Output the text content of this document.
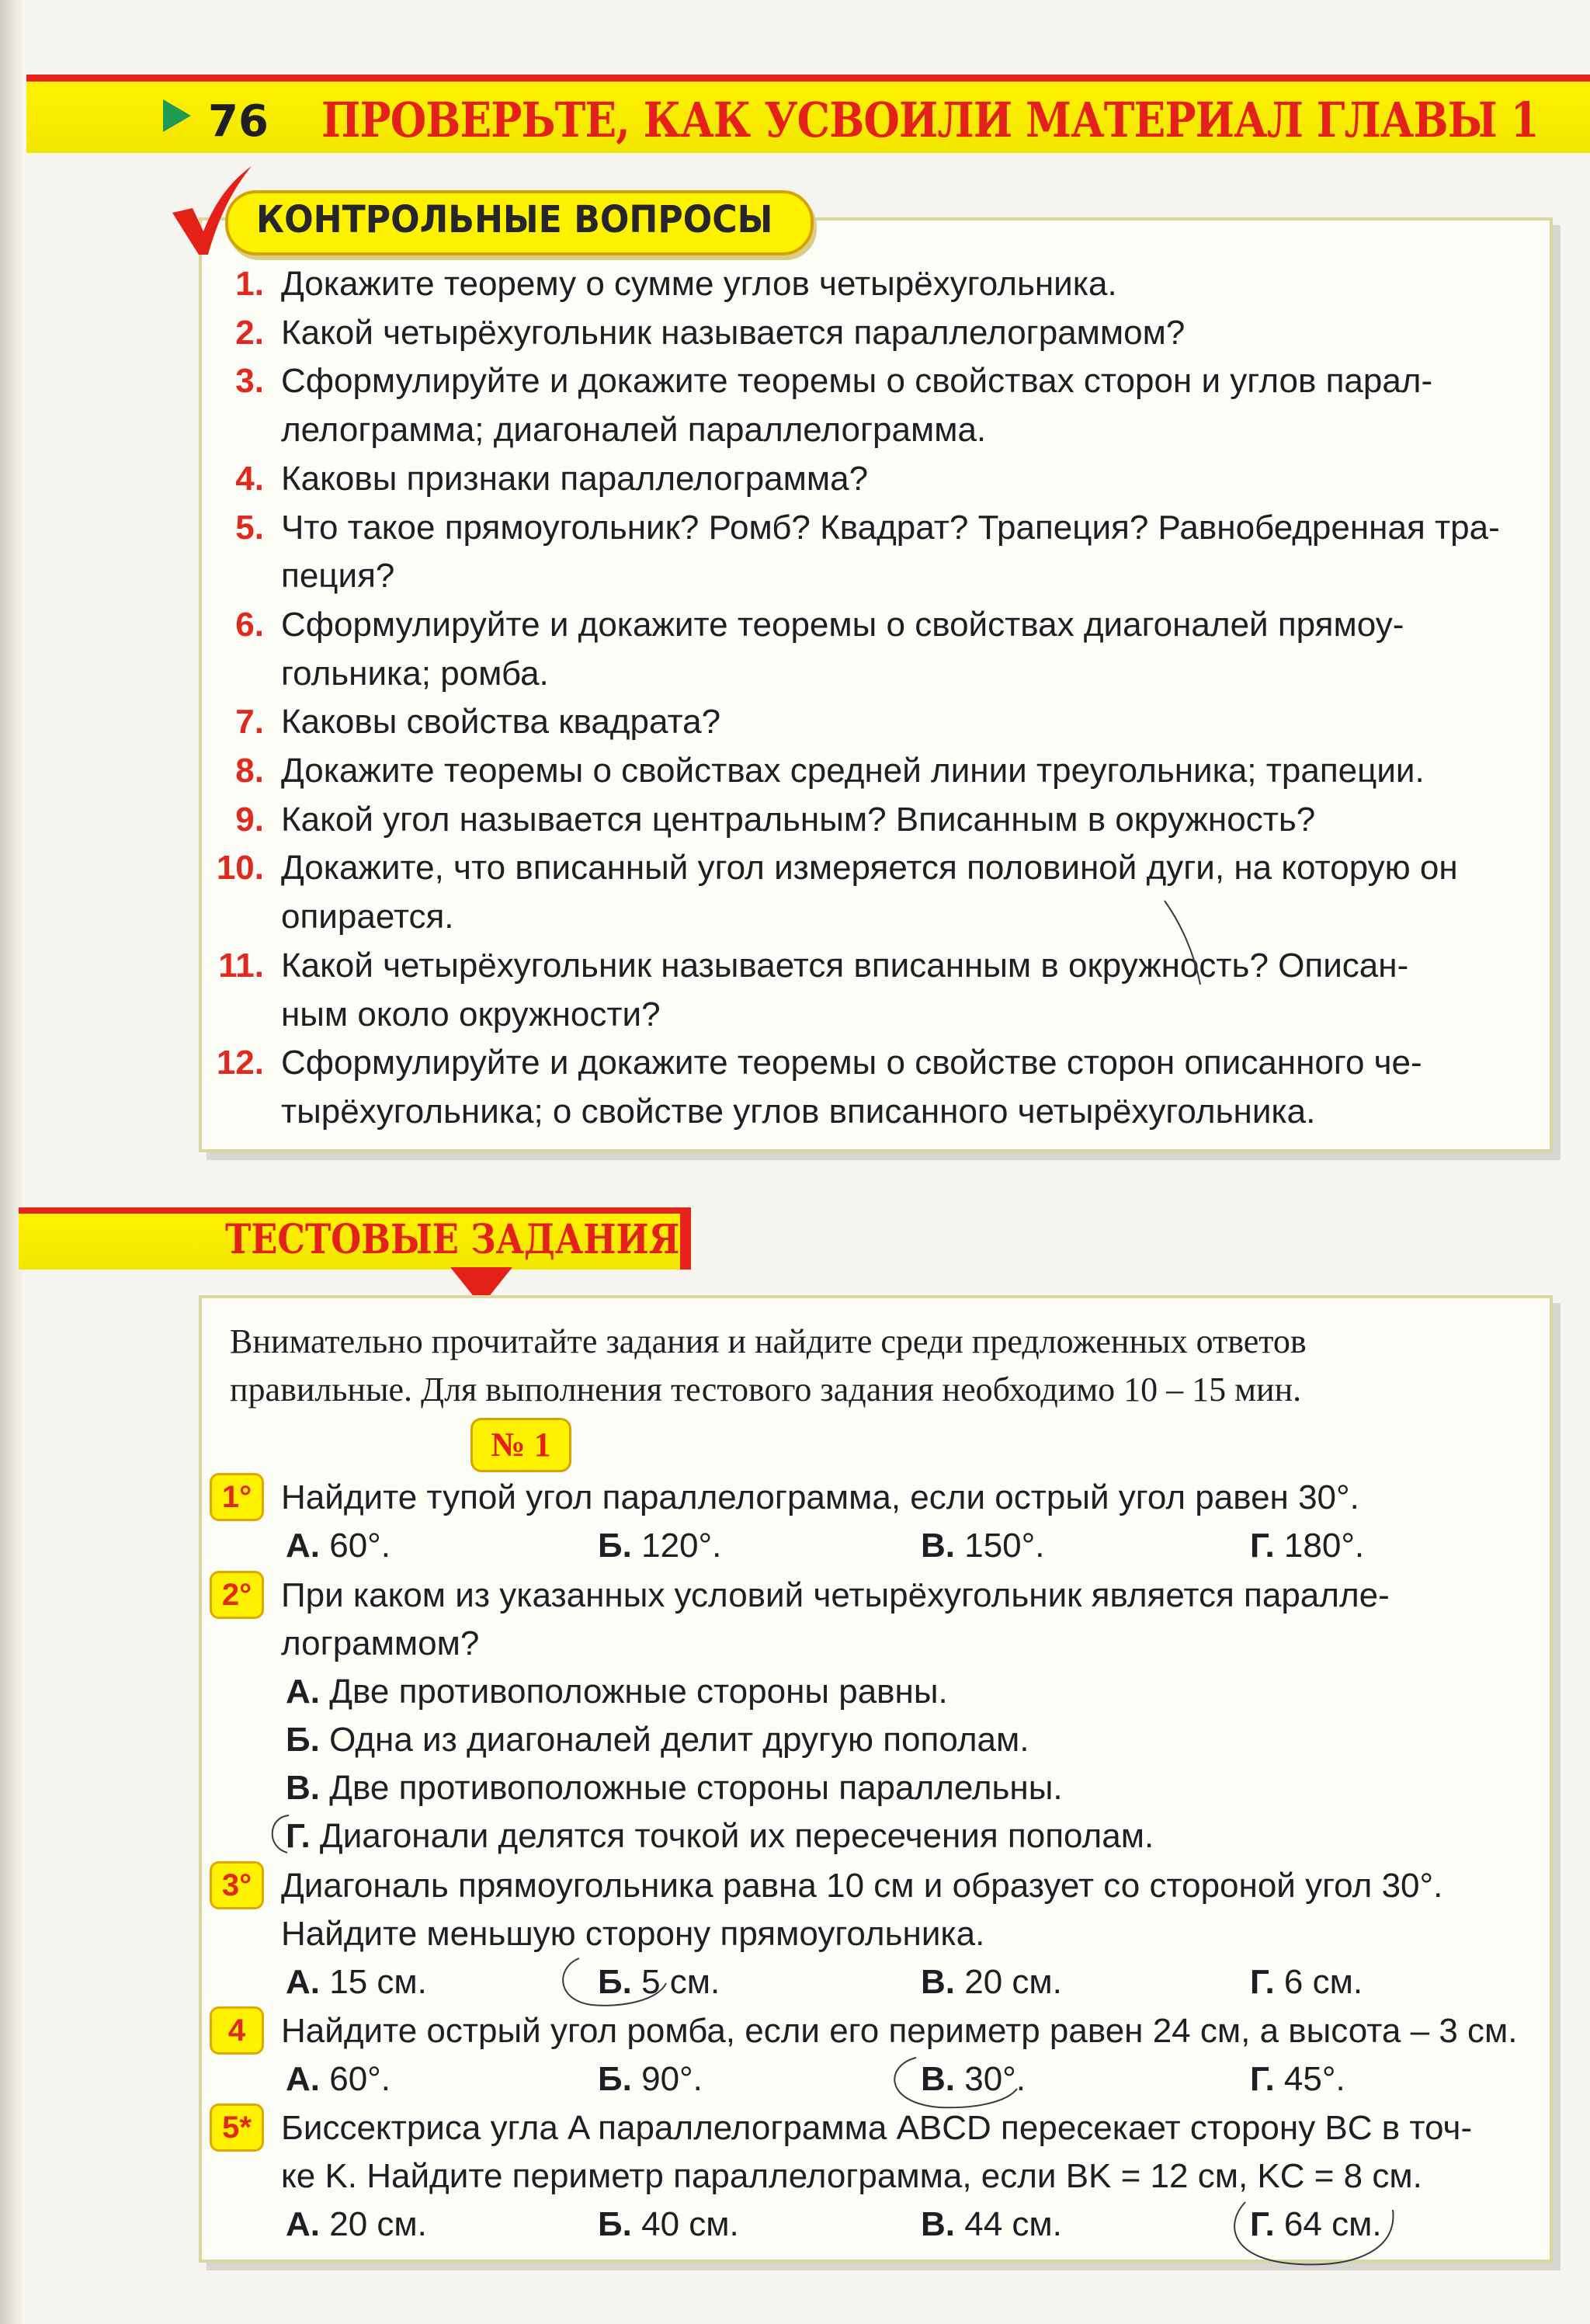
76 ПРОВЕРЬТЕ, КАК УСВОИЛИ МАТЕРИАЛ ГЛАВЫ 1
КОНТРОЛЬНЫЕ ВОПРОСЫ
1. Докажите теорему о сумме углов четырёхугольника.
2. Какой четырёхугольник называется параллелограммом?
3. Сформулируйте и докажите теоремы о свойствах сторон и углов парал-
лелограмма; диагоналей параллелограмма.
4. Каковы признаки параллелограмма?
5. Что такое прямоугольник? Ромб? Квадрат? Трапеция? Равнобедренная тра-
пеция?
6. Сформулируйте и докажите теоремы о свойствах диагоналей прямоу-
гольника; ромба.
7. Каковы свойства квадрата?
8. Докажите теоремы о свойствах средней линии треугольника; трапеции.
9. Какой угол называется центральным? Вписанным в окружность?
10. Докажите, что вписанный угол измеряется половиной дуги, на которую он
опирается.
11. Какой четырёхугольник называется вписанным в окружность? Описан-
ным около окружности?
12. Сформулируйте и докажите теоремы о свойстве сторон описанного че-
тырёхугольника; о свойстве углов вписанного четырёхугольника.
ТЕСТОВЫЕ ЗАДАНИЯ
Внимательно прочитайте задания и найдите среди предложенных ответов
правильные. Для выполнения тестового задания необходимо 10 – 15 мин.
№ 1
1° Найдите тупой угол параллелограмма, если острый угол равен 30°.
А. 60°.	Б. 120°.	В. 150°.	Г. 180°.
2° При каком из указанных условий четырёхугольник является паралле-
лограммом?
А. Две противоположные стороны равны.
Б. Одна из диагоналей делит другую пополам.
В. Две противоположные стороны параллельны.
Г. Диагонали делятся точкой их пересечения пополам.
3° Диагональ прямоугольника равна 10 см и образует со стороной угол 30°.
Найдите меньшую сторону прямоугольника.
А. 15 см.	Б. 5 см.	В. 20 см.	Г. 6 см.
4	Найдите острый угол ромба, если его периметр равен 24 см, а высота – 3 см.
А. 60°.	Б. 90°.	В. 30°.	Г. 45°.
5* Биссектриса угла A параллелограмма ABCD пересекает сторону BC в точ-
ке K. Найдите периметр параллелограмма, если BK = 12 см, KC = 8 см.
А. 20 см.	Б. 40 см.	В. 44 см.	Г. 64 см.
